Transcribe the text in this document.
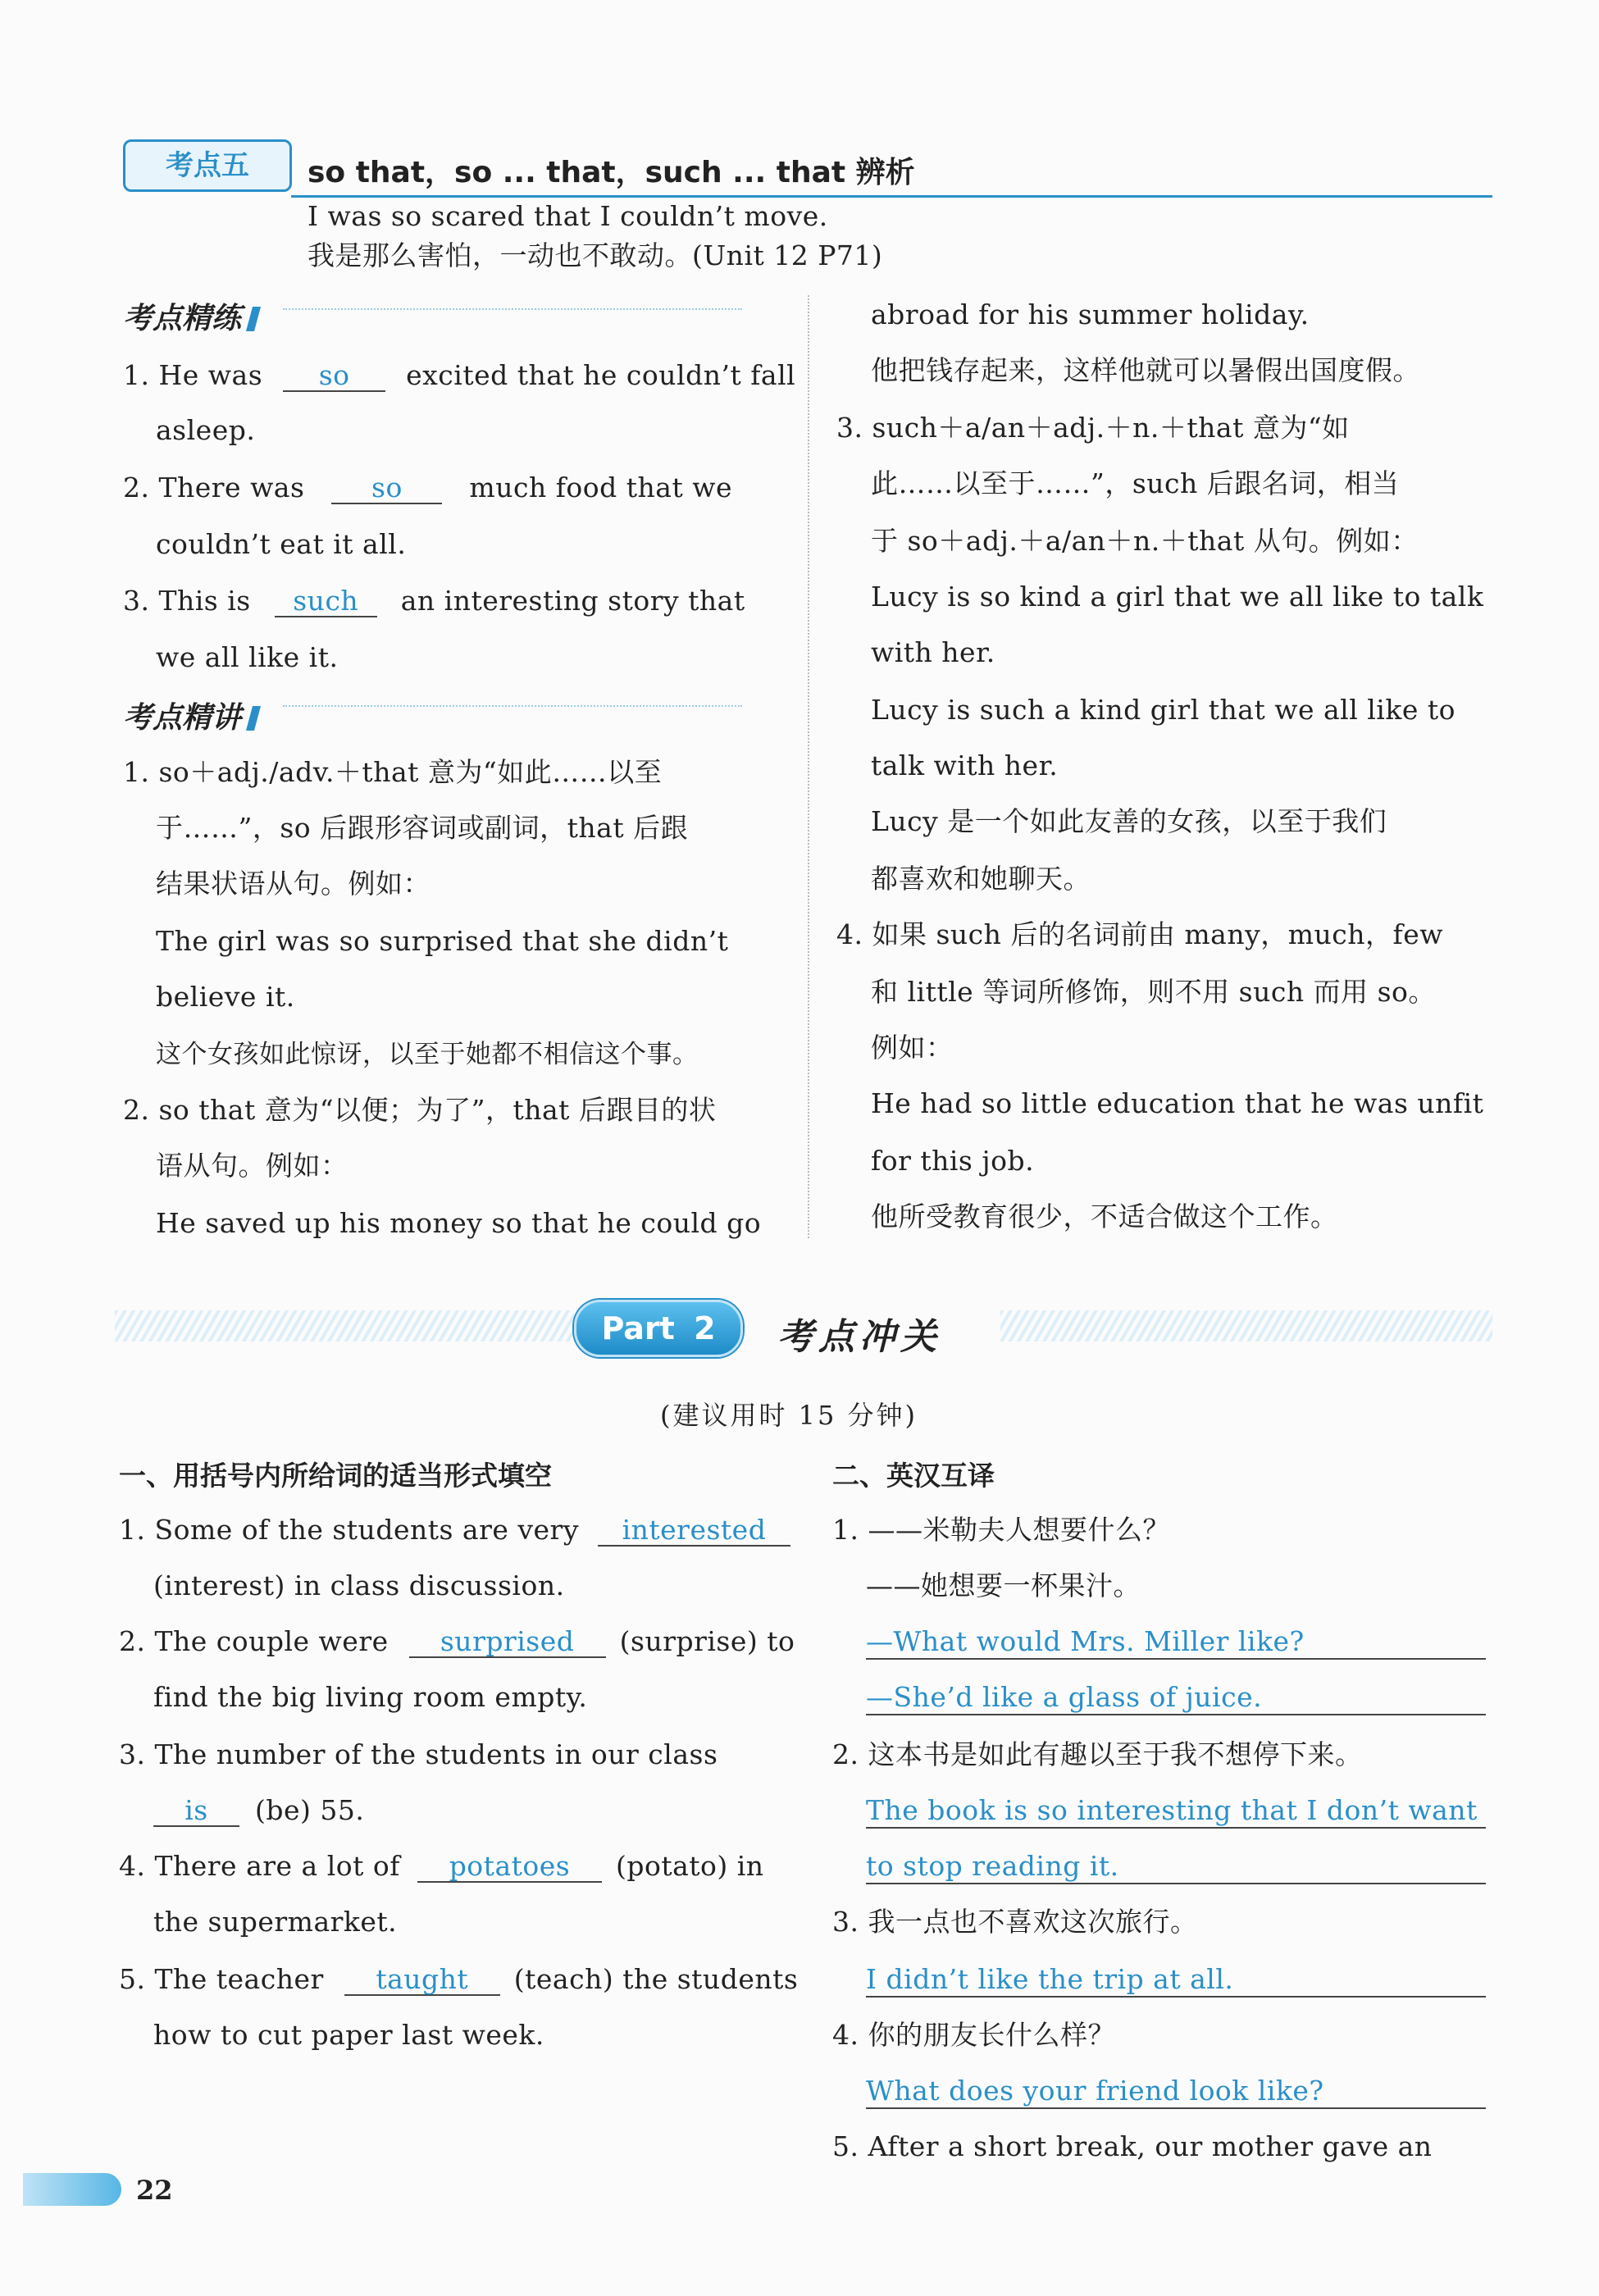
考点五	so that，so ... that，such ... that 辨析
I was so scared that I couldn’t move.
我是那么害怕，一动也不敢动。(Unit 12 P71)
考点精练
1. He was so excited that he couldn’t fall
asleep.
2. There was so much food that we
couldn’t eat it all.
3. This is such an interesting story that
we all like it.
考点精讲
1. so＋adj./adv.＋that 意为“如此……以至
于……”，so 后跟形容词或副词，that 后跟
结果状语从句。例如：
The girl was so surprised that she didn’t
believe it.
这个女孩如此惊讶，以至于她都不相信这个事。
2. so that 意为“以便；为了”，that 后跟目的状
语从句。例如：
He saved up his money so that he could go
abroad for his summer holiday.
他把钱存起来，这样他就可以暑假出国度假。
3. such＋a/an＋adj.＋n.＋that 意为“如
此……以至于……”，such 后跟名词，相当
于 so＋adj.＋a/an＋n.＋that 从句。例如：
Lucy is so kind a girl that we all like to talk
with her.
Lucy is such a kind girl that we all like to
talk with her.
Lucy 是一个如此友善的女孩，以至于我们
都喜欢和她聊天。
4. 如果 such 后的名词前由 many，much，few
和 little 等词所修饰，则不用 such 而用 so。
例如：
He had so little education that he was unfit
for this job.
他所受教育很少，不适合做这个工作。
Part 2	考点冲关
(建议用时 15 分钟)
一、用括号内所给词的适当形式填空
1. Some of the students are very interested
(interest) in class discussion.
2. The couple were surprised (surprise) to
find the big living room empty.
3. The number of the students in our class
is (be) 55.
4. There are a lot of potatoes (potato) in
the supermarket.
5. The teacher taught (teach) the students
how to cut paper last week.
二、英汉互译
1. ——米勒夫人想要什么？
——她想要一杯果汁。
—What would Mrs. Miller like?
—She’d like a glass of juice.
2. 这本书是如此有趣以至于我不想停下来。
The book is so interesting that I don’t want
to stop reading it.
3. 我一点也不喜欢这次旅行。
I didn’t like the trip at all.
4. 你的朋友长什么样？
What does your friend look like?
5. After a short break, our mother gave an
22
